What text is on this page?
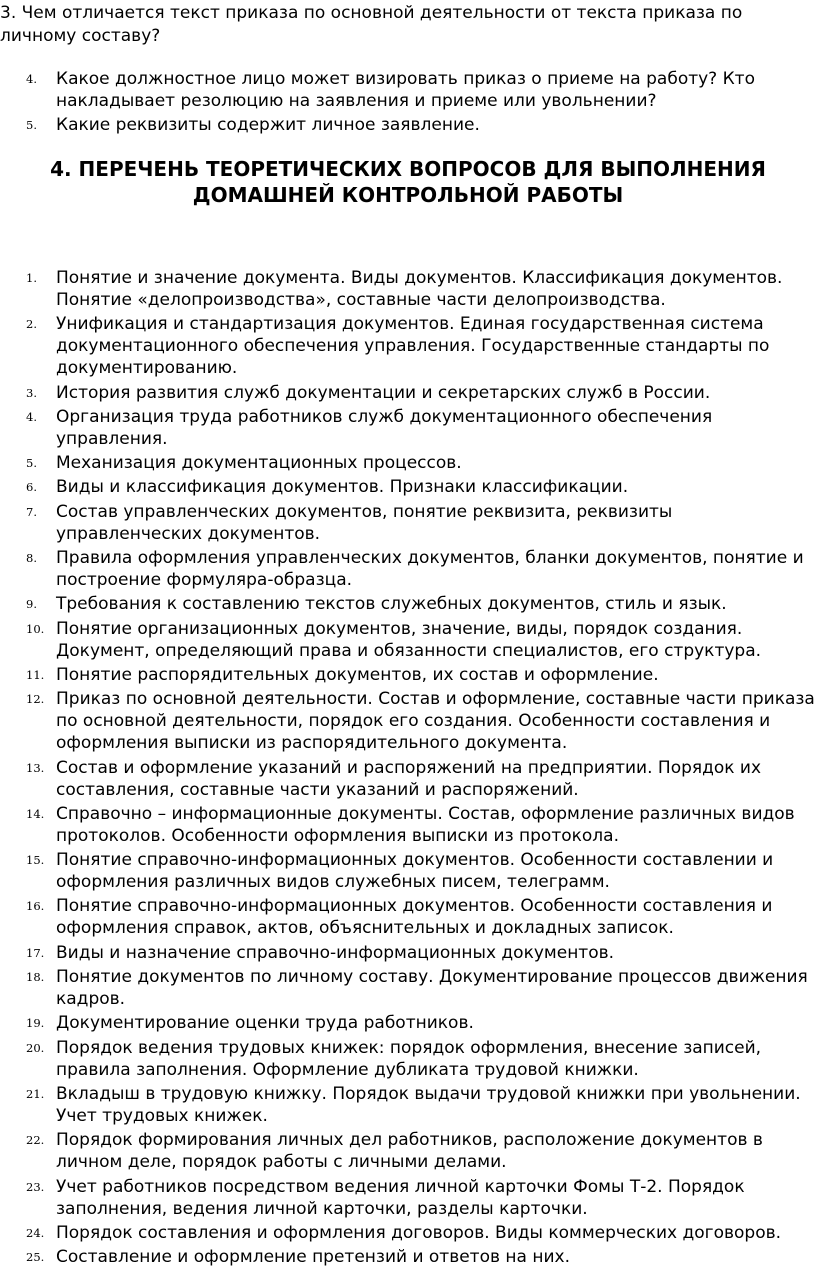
3. Чем отличается текст приказа по основной деятельности от текста приказа по личному составу?

4. Какое должностное лицо может визировать приказ о приеме на работу? Кто накладывает резолюцию на заявления и приеме или увольнении?
5. Какие реквизиты содержит личное заявление.
4. ПЕРЕЧЕНЬ ТЕОРЕТИЧЕСКИХ ВОПРОСОВ ДЛЯ ВЫПОЛНЕНИЯ ДОМАШНЕЙ КОНТРОЛЬНОЙ РАБОТЫ
1. Понятие и значение документа. Виды документов. Классификация документов. Понятие «делопроизводства», составные части делопроизводства.
2. Унификация и стандартизация документов. Единая государственная система документационного обеспечения управления. Государственные стандарты по документированию.
3. История развития служб документации и секретарских служб в России.
4. Организация труда работников служб документационного обеспечения управления.
5. Механизация документационных процессов.
6. Виды и классификация документов. Признаки классификации.
7. Состав управленческих документов, понятие реквизита, реквизиты управленческих документов.
8. Правила оформления управленческих документов, бланки документов, понятие и построение формуляра-образца.
9. Требования к составлению текстов служебных документов, стиль и язык.
10. Понятие организационных документов, значение, виды, порядок создания. Документ, определяющий права и обязанности специалистов, его структура.
11. Понятие распорядительных документов, их состав и оформление.
12. Приказ по основной деятельности. Состав и оформление, составные части приказа по основной деятельности, порядок его создания. Особенности составления и оформления выписки из распорядительного документа.
13. Состав и оформление указаний и распоряжений на предприятии. Порядок их составления, составные части указаний и распоряжений.
14. Справочно – информационные документы. Состав, оформление различных видов протоколов. Особенности оформления выписки из протокола.
15. Понятие справочно-информационных документов. Особенности составлении и оформления различных видов служебных писем, телеграмм.
16. Понятие справочно-информационных документов. Особенности составления и оформления справок, актов, объяснительных и докладных записок.
17. Виды и назначение справочно-информационных документов.
18. Понятие документов по личному составу. Документирование процессов движения кадров.
19. Документирование оценки труда работников.
20. Порядок ведения трудовых книжек: порядок оформления, внесение записей, правила заполнения. Оформление дубликата трудовой книжки.
21. Вкладыш в трудовую книжку. Порядок выдачи трудовой книжки при увольнении. Учет трудовых книжек.
22. Порядок формирования личных дел работников, расположение документов в личном деле, порядок работы с личными делами.
23. Учет работников посредством ведения личной карточки Фомы Т-2. Порядок заполнения, ведения личной карточки, разделы карточки.
24. Порядок составления и оформления договоров. Виды коммерческих договоров.
25. Составление и оформление претензий и ответов на них.
